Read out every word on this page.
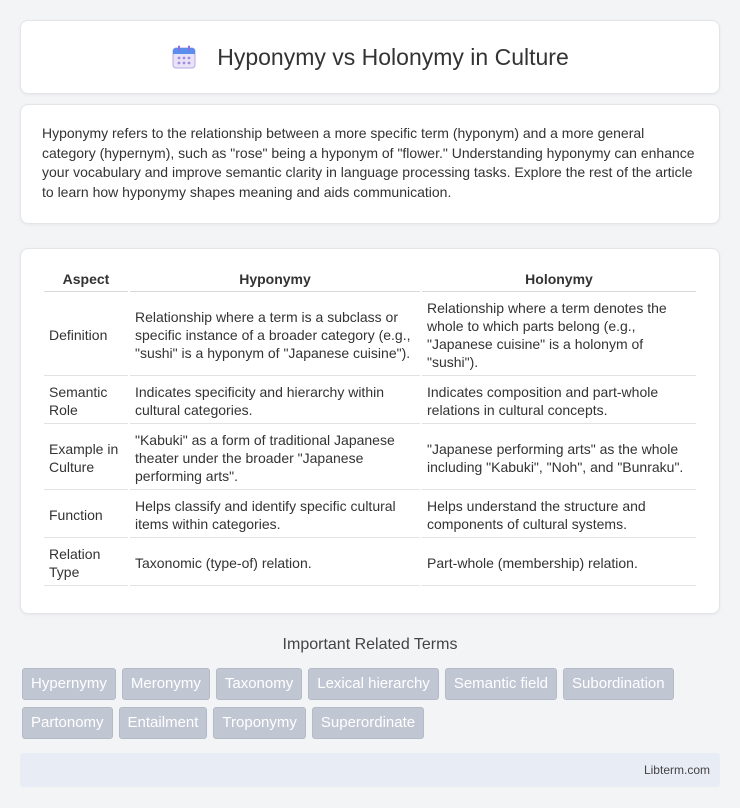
Hyponymy vs Holonymy in Culture

Hyponymy refers to the relationship between a more specific term (hyponym) and a more general category (hypernym), such as "rose" being a hyponym of "flower." Understanding hyponymy can enhance your vocabulary and improve semantic clarity in language processing tasks. Explore the rest of the article to learn how hyponymy shapes meaning and aids communication.

Aspect	Hyponymy	Holonymy
Definition	Relationship where a term is a subclass or specific instance of a broader category (e.g., "sushi" is a hyponym of "Japanese cuisine").	Relationship where a term denotes the whole to which parts belong (e.g., "Japanese cuisine" is a holonym of "sushi").
Semantic Role	Indicates specificity and hierarchy within cultural categories.	Indicates composition and part-whole relations in cultural concepts.
Example in Culture	"Kabuki" as a form of traditional Japanese theater under the broader "Japanese performing arts".	"Japanese performing arts" as the whole including "Kabuki", "Noh", and "Bunraku".
Function	Helps classify and identify specific cultural items within categories.	Helps understand the structure and components of cultural systems.
Relation Type	Taxonomic (type-of) relation.	Part-whole (membership) relation.
Important Related Terms
Hypernymy	Meronymy	Taxonomy	Lexical hierarchy	Semantic field	Subordination
Partonomy	Entailment	Troponymy	Superordinate
Libterm.com
